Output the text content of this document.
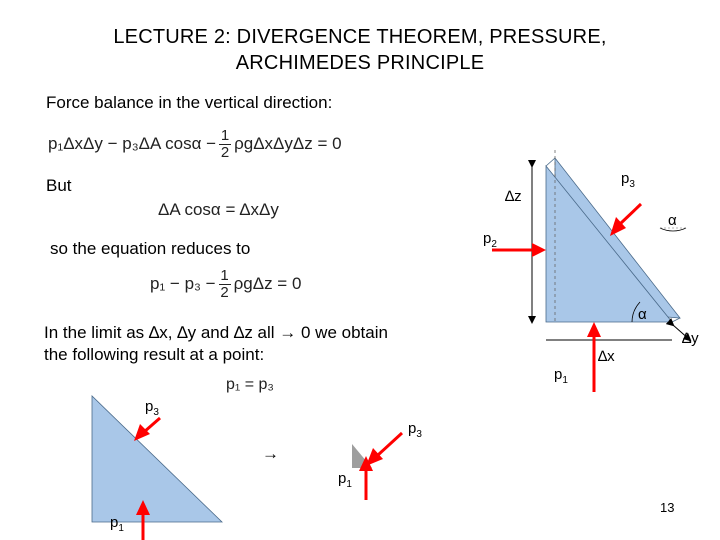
LECTURE 2: DIVERGENCE THEOREM, PRESSURE,
ARCHIMEDES PRINCIPLE
Force balance in the vertical direction:
p₁ΔxΔy − p₃ΔA $\cos\alpha - \frac{1}{2}$ ρgΔxΔyΔz = 0
But
ΔA cosα = ΔxΔy
so the equation reduces to
$p_1 - p_3 - \frac{1}{2}$ ρgΔz = 0
In the limit as ∆x, ∆y and ∆z all → 0 we obtain
the following result at a point:
p₁ = p₃
$p_3$
∆z
α
$p_2$
α
∆y
∆x
$p_1$
$p_3$
$p_1$
→
$p_3$
$p_1$
13
